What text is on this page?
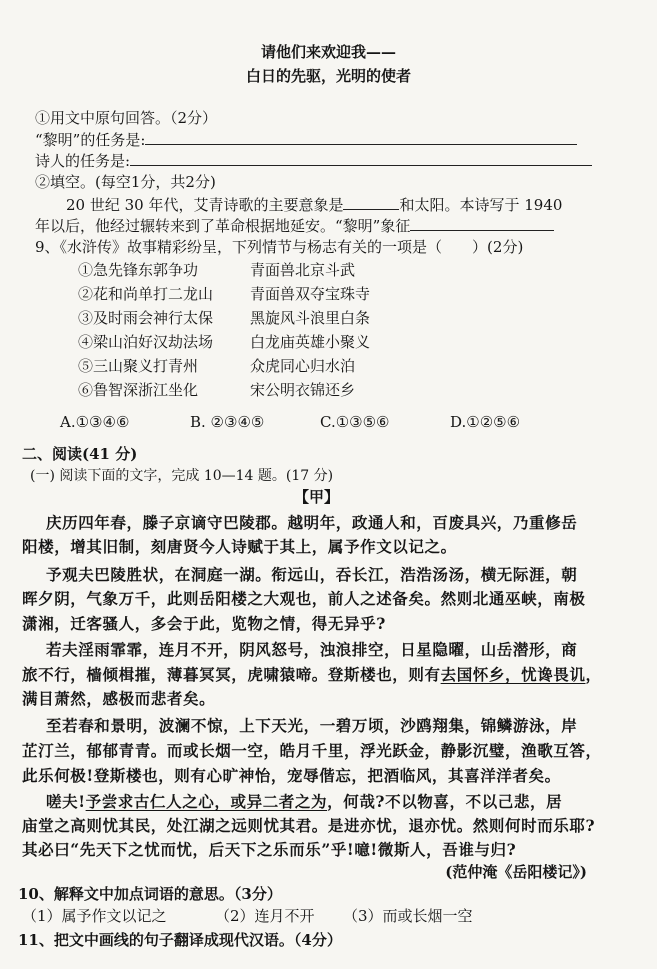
请他们来欢迎我——
白日的先驱，光明的使者
①用文中原句回答。（2分）
“黎明”的任务是:
诗人的任务是:
②填空。(每空1分，共2分)
20 世纪 30 年代，艾青诗歌的主要意象是	和太阳。本诗写于 1940
年以后，他经过辗转来到了革命根据地延安。“黎明”象征
9、《水浒传》故事精彩纷呈，下列情节与杨志有关的一项是（　　）(2分)
①急先锋东郭争功	青面兽北京斗武
②花和尚单打二龙山 青面兽双夺宝珠寺
③及时雨会神行太保 黑旋风斗浪里白条
④梁山泊好汉劫法场 白龙庙英雄小聚义
⑤三山聚义打青州	众虎同心归水泊
⑥鲁智深浙江坐化	宋公明衣锦还乡
A.①③④⑥	B. ②③④⑤	C.①③⑤⑥	D.①②⑤⑥
二、阅读(41 分)
(一) 阅读下面的文字，完成 10—14 题。(17 分)
【甲】
庆历四年春，滕子京谪守巴陵郡。越明年，政通人和，百废具兴，乃重修岳
阳楼，增其旧制，刻唐贤今人诗赋于其上，属予作文以记之。
予观夫巴陵胜状，在洞庭一湖。衔远山，吞长江，浩浩汤汤，横无际涯，朝
晖夕阴，气象万千，此则岳阳楼之大观也，前人之述备矣。然则北通巫峡，南极
潇湘，迁客骚人，多会于此，览物之情，得无异乎?
若夫淫雨霏霏，连月不开，阴风怒号，浊浪排空，日星隐曜，山岳潜形，商
旅不行，樯倾楫摧，薄暮冥冥，虎啸猿啼。登斯楼也，则有去国怀乡，忧谗畏讥，
满目萧然，感极而悲者矣。
至若春和景明，波澜不惊，上下天光，一碧万顷，沙鸥翔集，锦鳞游泳，岸
芷汀兰，郁郁青青。而或长烟一空，皓月千里，浮光跃金，静影沉璧，渔歌互答，
此乐何极!登斯楼也，则有心旷神怡，宠辱偕忘，把酒临风，其喜洋洋者矣。
嗟夫!予尝求古仁人之心，或异二者之为，何哉?不以物喜，不以己悲，居
庙堂之高则忧其民，处江湖之远则忧其君。是进亦忧，退亦忧。然则何时而乐耶?
其必曰“先天下之忧而忧，后天下之乐而乐”乎!噫!微斯人，吾谁与归?
(范仲淹《岳阳楼记》)
10、解释文中加点词语的意思。（3分）
（1）属予作文以记之	（2）连月不开 （3）而或长烟一空
11、把文中画线的句子翻译成现代汉语。（4分）
